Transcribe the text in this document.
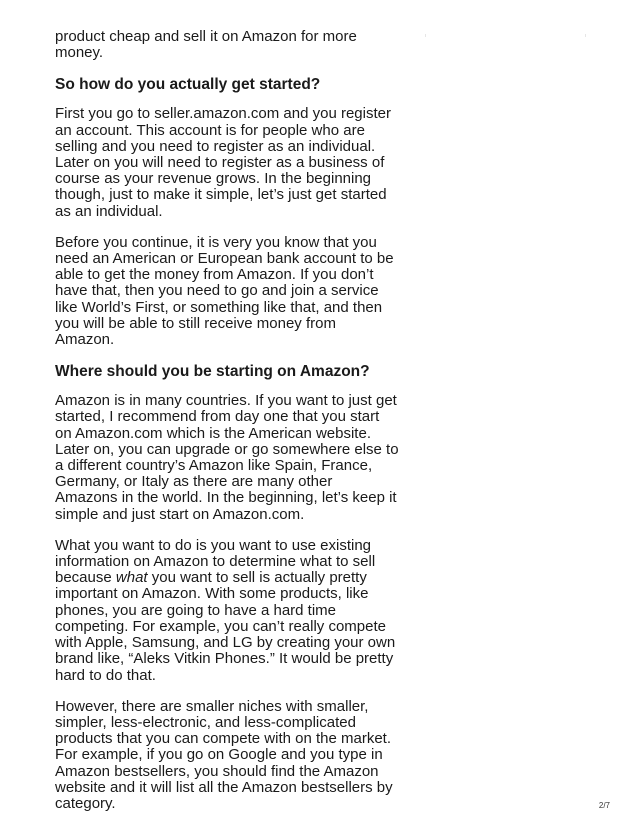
product cheap and sell it on Amazon for more
money.

So how do you actually get started?

First you go to seller.amazon.com and you register
an account. This account is for people who are
selling and you need to register as an individual.
Later on you will need to register as a business of
course as your revenue grows. In the beginning
though, just to make it simple, let’s just get started
as an individual.

Before you continue, it is very you know that you
need an American or European bank account to be
able to get the money from Amazon. If you don’t
have that, then you need to go and join a service
like World’s First, or something like that, and then
you will be able to still receive money from
Amazon.

Where should you be starting on Amazon?

Amazon is in many countries. If you want to just get
started, I recommend from day one that you start
on Amazon.com which is the American website.
Later on, you can upgrade or go somewhere else to
a different country’s Amazon like Spain, France,
Germany, or Italy as there are many other
Amazons in the world. In the beginning, let’s keep it
simple and just start on Amazon.com.

What you want to do is you want to use existing
information on Amazon to determine what to sell
because what you want to sell is actually pretty
important on Amazon. With some products, like
phones, you are going to have a hard time
competing. For example, you can’t really compete
with Apple, Samsung, and LG by creating your own
brand like, “Aleks Vitkin Phones.” It would be pretty
hard to do that.

However, there are smaller niches with smaller,
simpler, less-electronic, and less-complicated
products that you can compete with on the market.
For example, if you go on Google and you type in
Amazon bestsellers, you should find the Amazon
website and it will list all the Amazon bestsellers by
category.	2/7
